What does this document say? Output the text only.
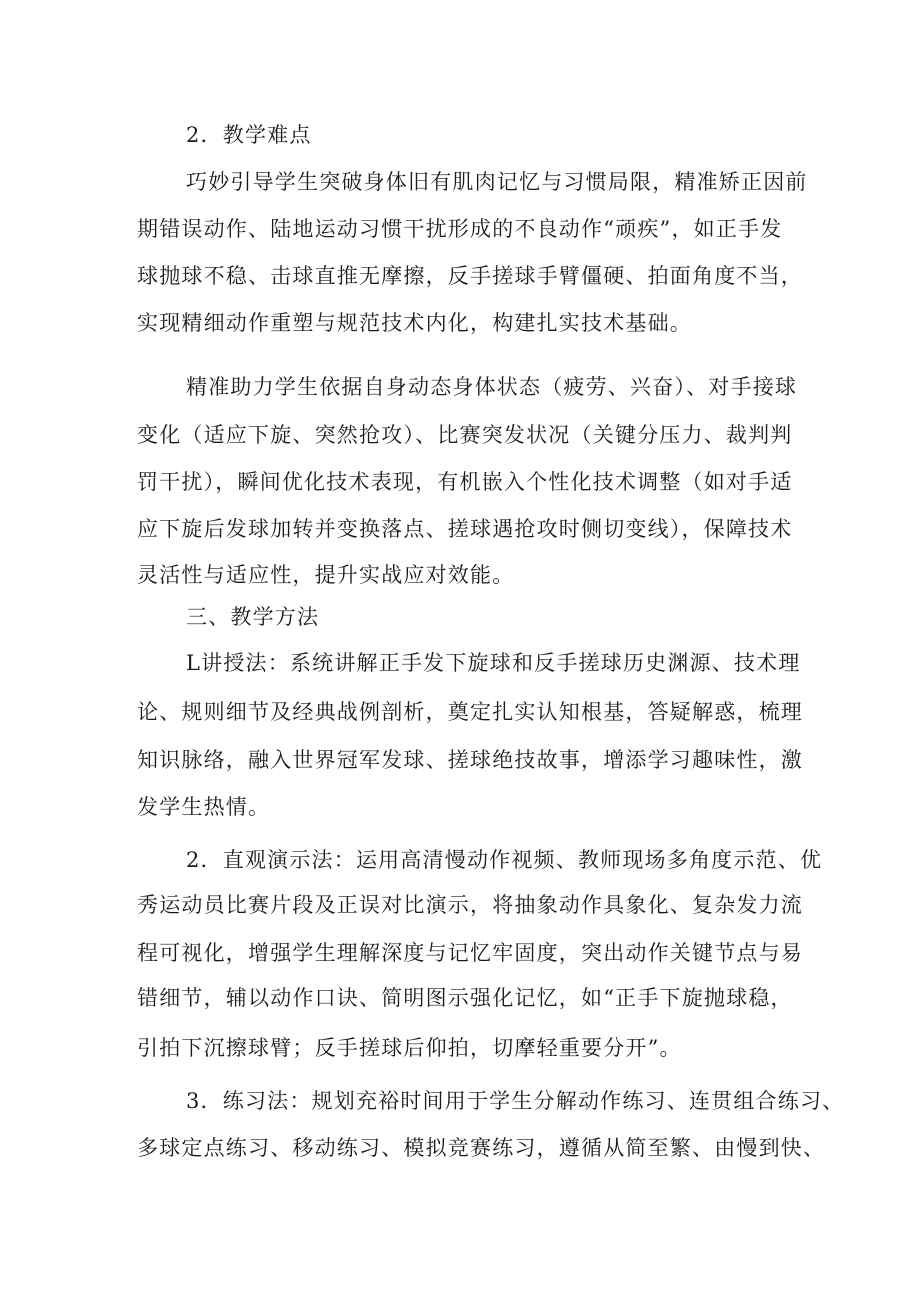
2．教学难点
巧妙引导学生突破身体旧有肌肉记忆与习惯局限，精准矫正因前
期错误动作、陆地运动习惯干扰形成的不良动作“顽疾”，如正手发
球抛球不稳、击球直推无摩擦，反手搓球手臂僵硬、拍面角度不当，
实现精细动作重塑与规范技术内化，构建扎实技术基础。
精准助力学生依据自身动态身体状态（疲劳、兴奋）、对手接球
变化（适应下旋、突然抢攻）、比赛突发状况（关键分压力、裁判判
罚干扰），瞬间优化技术表现，有机嵌入个性化技术调整（如对手适
应下旋后发球加转并变换落点、搓球遇抢攻时侧切变线），保障技术
灵活性与适应性，提升实战应对效能。
三、教学方法
L讲授法：系统讲解正手发下旋球和反手搓球历史渊源、技术理
论、规则细节及经典战例剖析，奠定扎实认知根基，答疑解惑，梳理
知识脉络，融入世界冠军发球、搓球绝技故事，增添学习趣味性，激
发学生热情。
2．直观演示法：运用高清慢动作视频、教师现场多角度示范、优
秀运动员比赛片段及正误对比演示，将抽象动作具象化、复杂发力流
程可视化，增强学生理解深度与记忆牢固度，突出动作关键节点与易
错细节，辅以动作口诀、简明图示强化记忆，如“正手下旋抛球稳，
引拍下沉擦球臂；反手搓球后仰拍，切摩轻重要分开”。
3．练习法：规划充裕时间用于学生分解动作练习、连贯组合练习、
多球定点练习、移动练习、模拟竞赛练习，遵循从简至繁、由慢到快、
